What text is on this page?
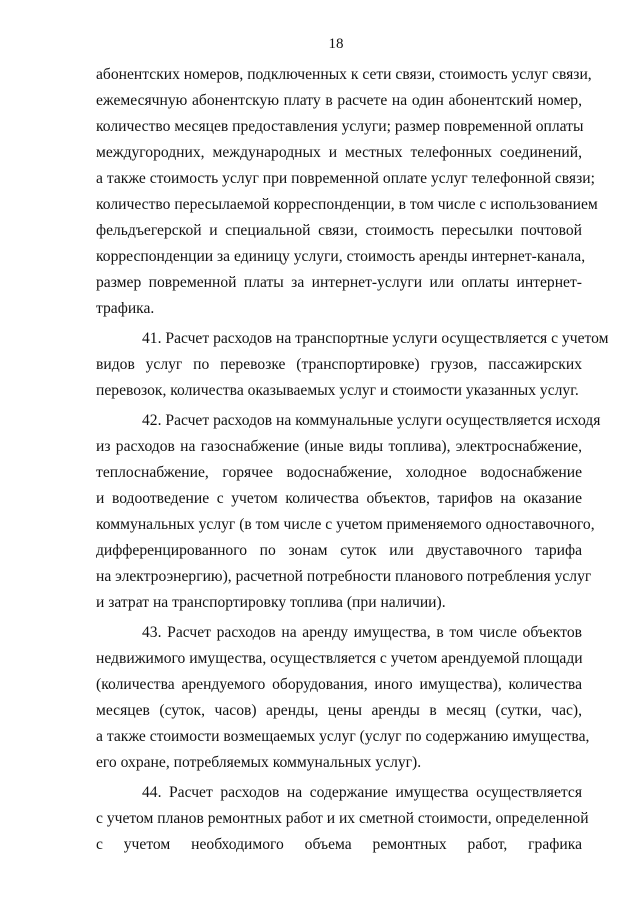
18

абонентских номеров, подключенных к сети связи, стоимость услуг связи,

ежемесячную абонентскую плату в расчете на один абонентский номер,

количество месяцев предоставления услуги; размер повременной оплаты

междугородних, международных и местных телефонных соединений,

а также стоимость услуг при повременной оплате услуг телефонной связи;

количество пересылаемой корреспонденции, в том числе с использованием

фельдъегерской и специальной связи, стоимость пересылки почтовой

корреспонденции за единицу услуги, стоимость аренды интернет-канала,

размер повременной платы за интернет-услуги или оплаты интернет-

трафика.

41. Расчет расходов на транспортные услуги осуществляется с учетом

видов услуг по перевозке (транспортировке) грузов, пассажирских

перевозок, количества оказываемых услуг и стоимости указанных услуг.

42. Расчет расходов на коммунальные услуги осуществляется исходя

из расходов на газоснабжение (иные виды топлива), электроснабжение,

теплоснабжение, горячее водоснабжение, холодное водоснабжение

и водоотведение с учетом количества объектов, тарифов на оказание

коммунальных услуг (в том числе с учетом применяемого одноставочного,

дифференцированного по зонам суток или двуставочного тарифа

на электроэнергию), расчетной потребности планового потребления услуг

и затрат на транспортировку топлива (при наличии).

43. Расчет расходов на аренду имущества, в том числе объектов

недвижимого имущества, осуществляется с учетом арендуемой площади

(количества арендуемого оборудования, иного имущества), количества

месяцев (суток, часов) аренды, цены аренды в месяц (сутки, час),

а также стоимости возмещаемых услуг (услуг по содержанию имущества,

его охране, потребляемых коммунальных услуг).

44. Расчет расходов на содержание имущества осуществляется

с учетом планов ремонтных работ и их сметной стоимости, определенной

с учетом необходимого объема ремонтных работ, графика
